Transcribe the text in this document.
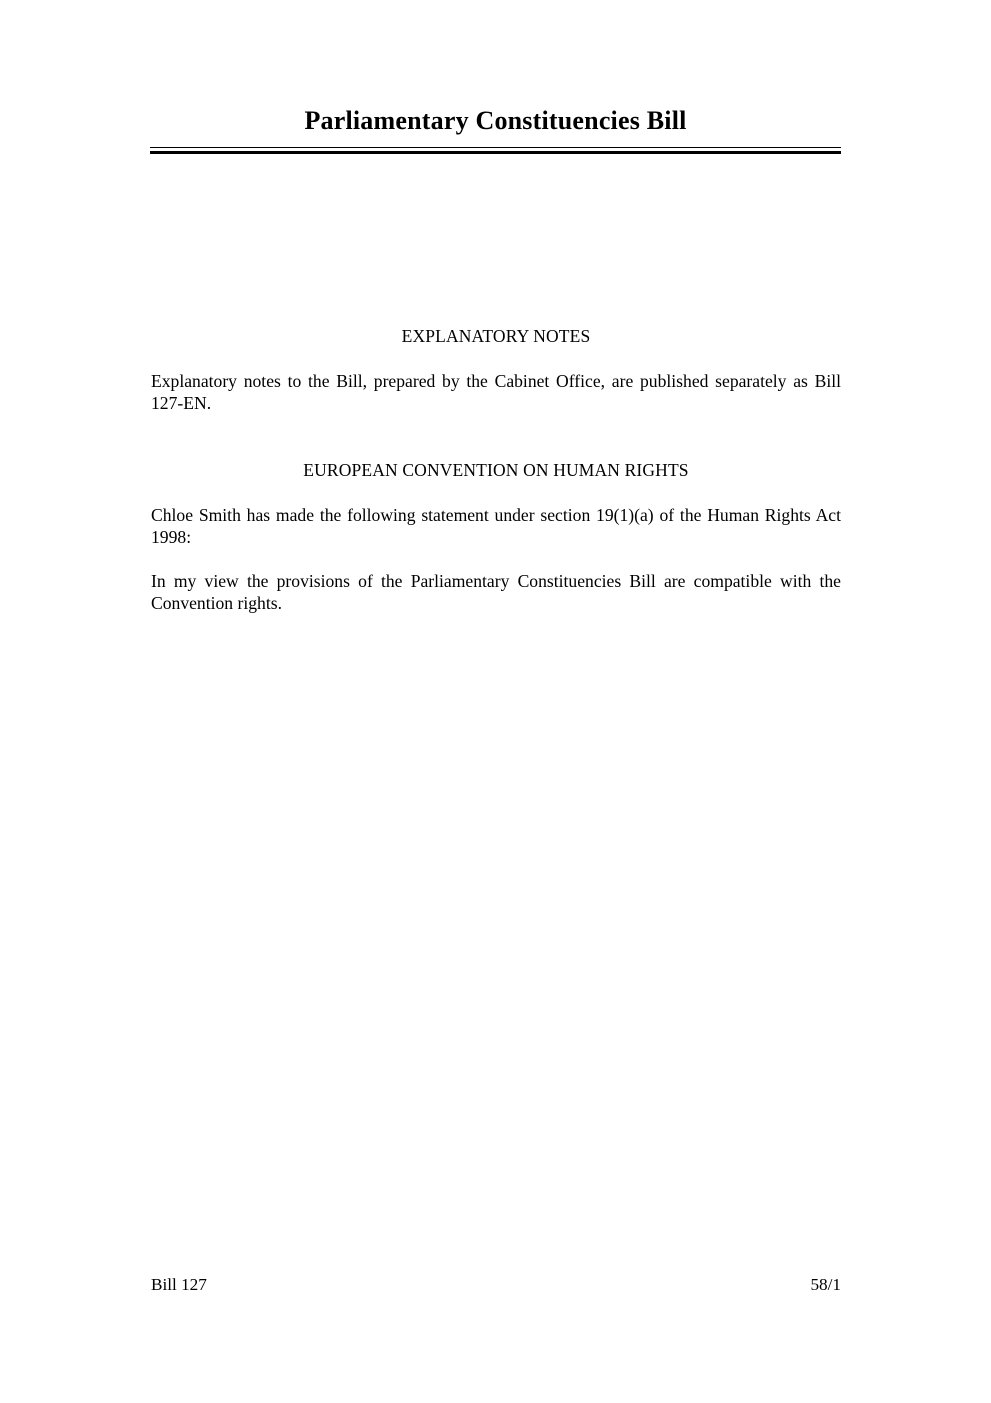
Parliamentary Constituencies Bill
EXPLANATORY NOTES

Explanatory notes to the Bill, prepared by the Cabinet Office, are published separately as Bill 127-EN.

EUROPEAN CONVENTION ON HUMAN RIGHTS

Chloe Smith has made the following statement under section 19(1)(a) of the Human Rights Act 1998:

In my view the provisions of the Parliamentary Constituencies Bill are compatible with the Convention rights.

Bill 127	58/1
